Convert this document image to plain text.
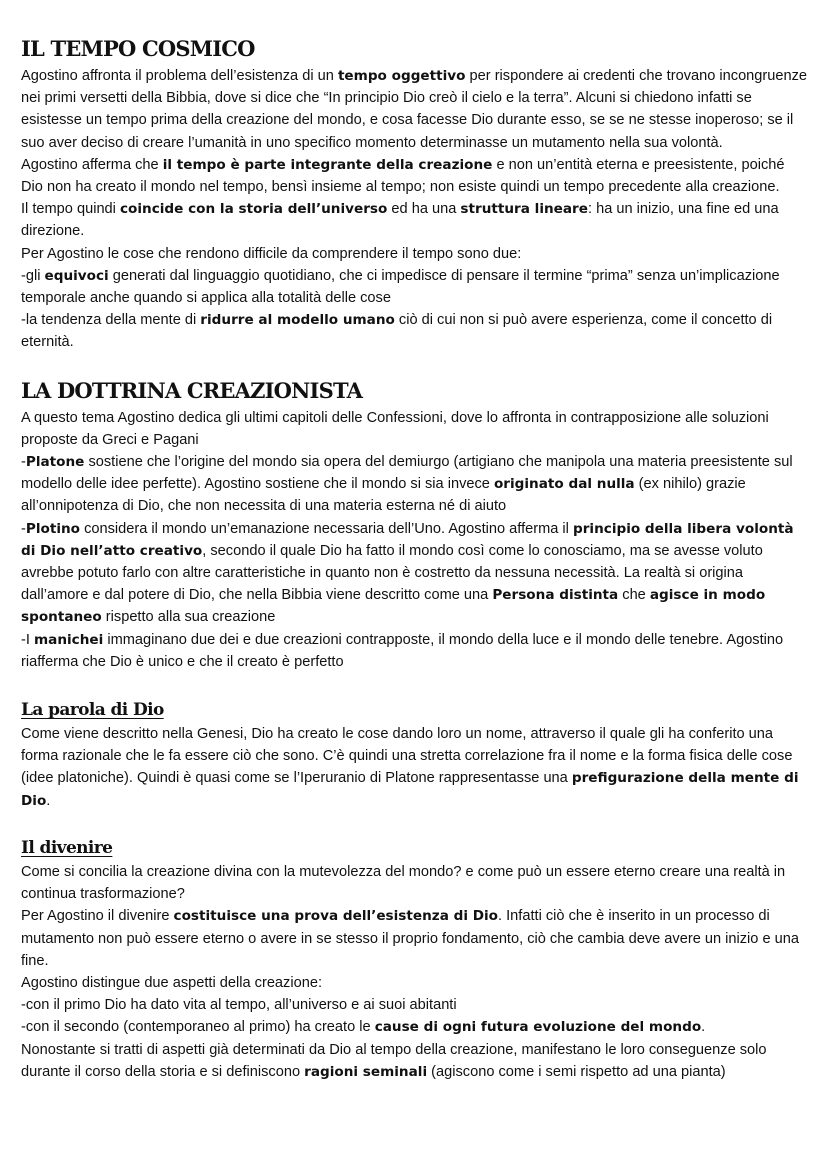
IL TEMPO COSMICO

Agostino affronta il problema dell’esistenza di un tempo oggettivo per rispondere ai credenti che trovano incongruenze nei primi versetti della Bibbia, dove si dice che “In principio Dio creò il cielo e la terra”. Alcuni si chiedono infatti se esistesse un tempo prima della creazione del mondo, e cosa facesse Dio durante esso, se se ne stesse inoperoso; se il suo aver deciso di creare l’umanità in uno specifico momento determinasse un mutamento nella sua volontà.

Agostino afferma che il tempo è parte integrante della creazione e non un’entità eterna e preesistente, poiché Dio non ha creato il mondo nel tempo, bensì insieme al tempo; non esiste quindi un tempo precedente alla creazione.

Il tempo quindi coincide con la storia dell’universo ed ha una struttura lineare: ha un inizio, una fine ed una direzione.

Per Agostino le cose che rendono difficile da comprendere il tempo sono due:

-gli equivoci generati dal linguaggio quotidiano, che ci impedisce di pensare il termine “prima” senza un’implicazione temporale anche quando si applica alla totalità delle cose

-la tendenza della mente di ridurre al modello umano ciò di cui non si può avere esperienza, come il concetto di eternità.

LA DOTTRINA CREAZIONISTA

A questo tema Agostino dedica gli ultimi capitoli delle Confessioni, dove lo affronta in contrapposizione alle soluzioni proposte da Greci e Pagani

-Platone sostiene che l’origine del mondo sia opera del demiurgo (artigiano che manipola una materia preesistente sul modello delle idee perfette). Agostino sostiene che il mondo si sia invece originato dal nulla (ex nihilo) grazie all’onnipotenza di Dio, che non necessita di una materia esterna né di aiuto

-Plotino considera il mondo un’emanazione necessaria dell’Uno. Agostino afferma il principio della libera volontà di Dio nell’atto creativo, secondo il quale Dio ha fatto il mondo così come lo conosciamo, ma se avesse voluto avrebbe potuto farlo con altre caratteristiche in quanto non è costretto da nessuna necessità. La realtà si origina dall’amore e dal potere di Dio, che nella Bibbia viene descritto come una Persona distinta che agisce in modo spontaneo rispetto alla sua creazione

-I manichei immaginano due dei e due creazioni contrapposte, il mondo della luce e il mondo delle tenebre. Agostino riafferma che Dio è unico e che il creato è perfetto

La parola di Dio

Come viene descritto nella Genesi, Dio ha creato le cose dando loro un nome, attraverso il quale gli ha conferito una forma razionale che le fa essere ciò che sono. C’è quindi una stretta correlazione fra il nome e la forma fisica delle cose (idee platoniche). Quindi è quasi come se l’Iperuranio di Platone rappresentasse una prefigurazione della mente di Dio.

Il divenire

Come si concilia la creazione divina con la mutevolezza del mondo? e come può un essere eterno creare una realtà in continua trasformazione?

Per Agostino il divenire costituisce una prova dell’esistenza di Dio. Infatti ciò che è inserito in un processo di mutamento non può essere eterno o avere in se stesso il proprio fondamento, ciò che cambia deve avere un inizio e una fine.

Agostino distingue due aspetti della creazione:

-con il primo Dio ha dato vita al tempo, all’universo e ai suoi abitanti

-con il secondo (contemporaneo al primo) ha creato le cause di ogni futura evoluzione del mondo.

Nonostante si tratti di aspetti già determinati da Dio al tempo della creazione, manifestano le loro conseguenze solo durante il corso della storia e si definiscono ragioni seminali (agiscono come i semi rispetto ad una pianta)
